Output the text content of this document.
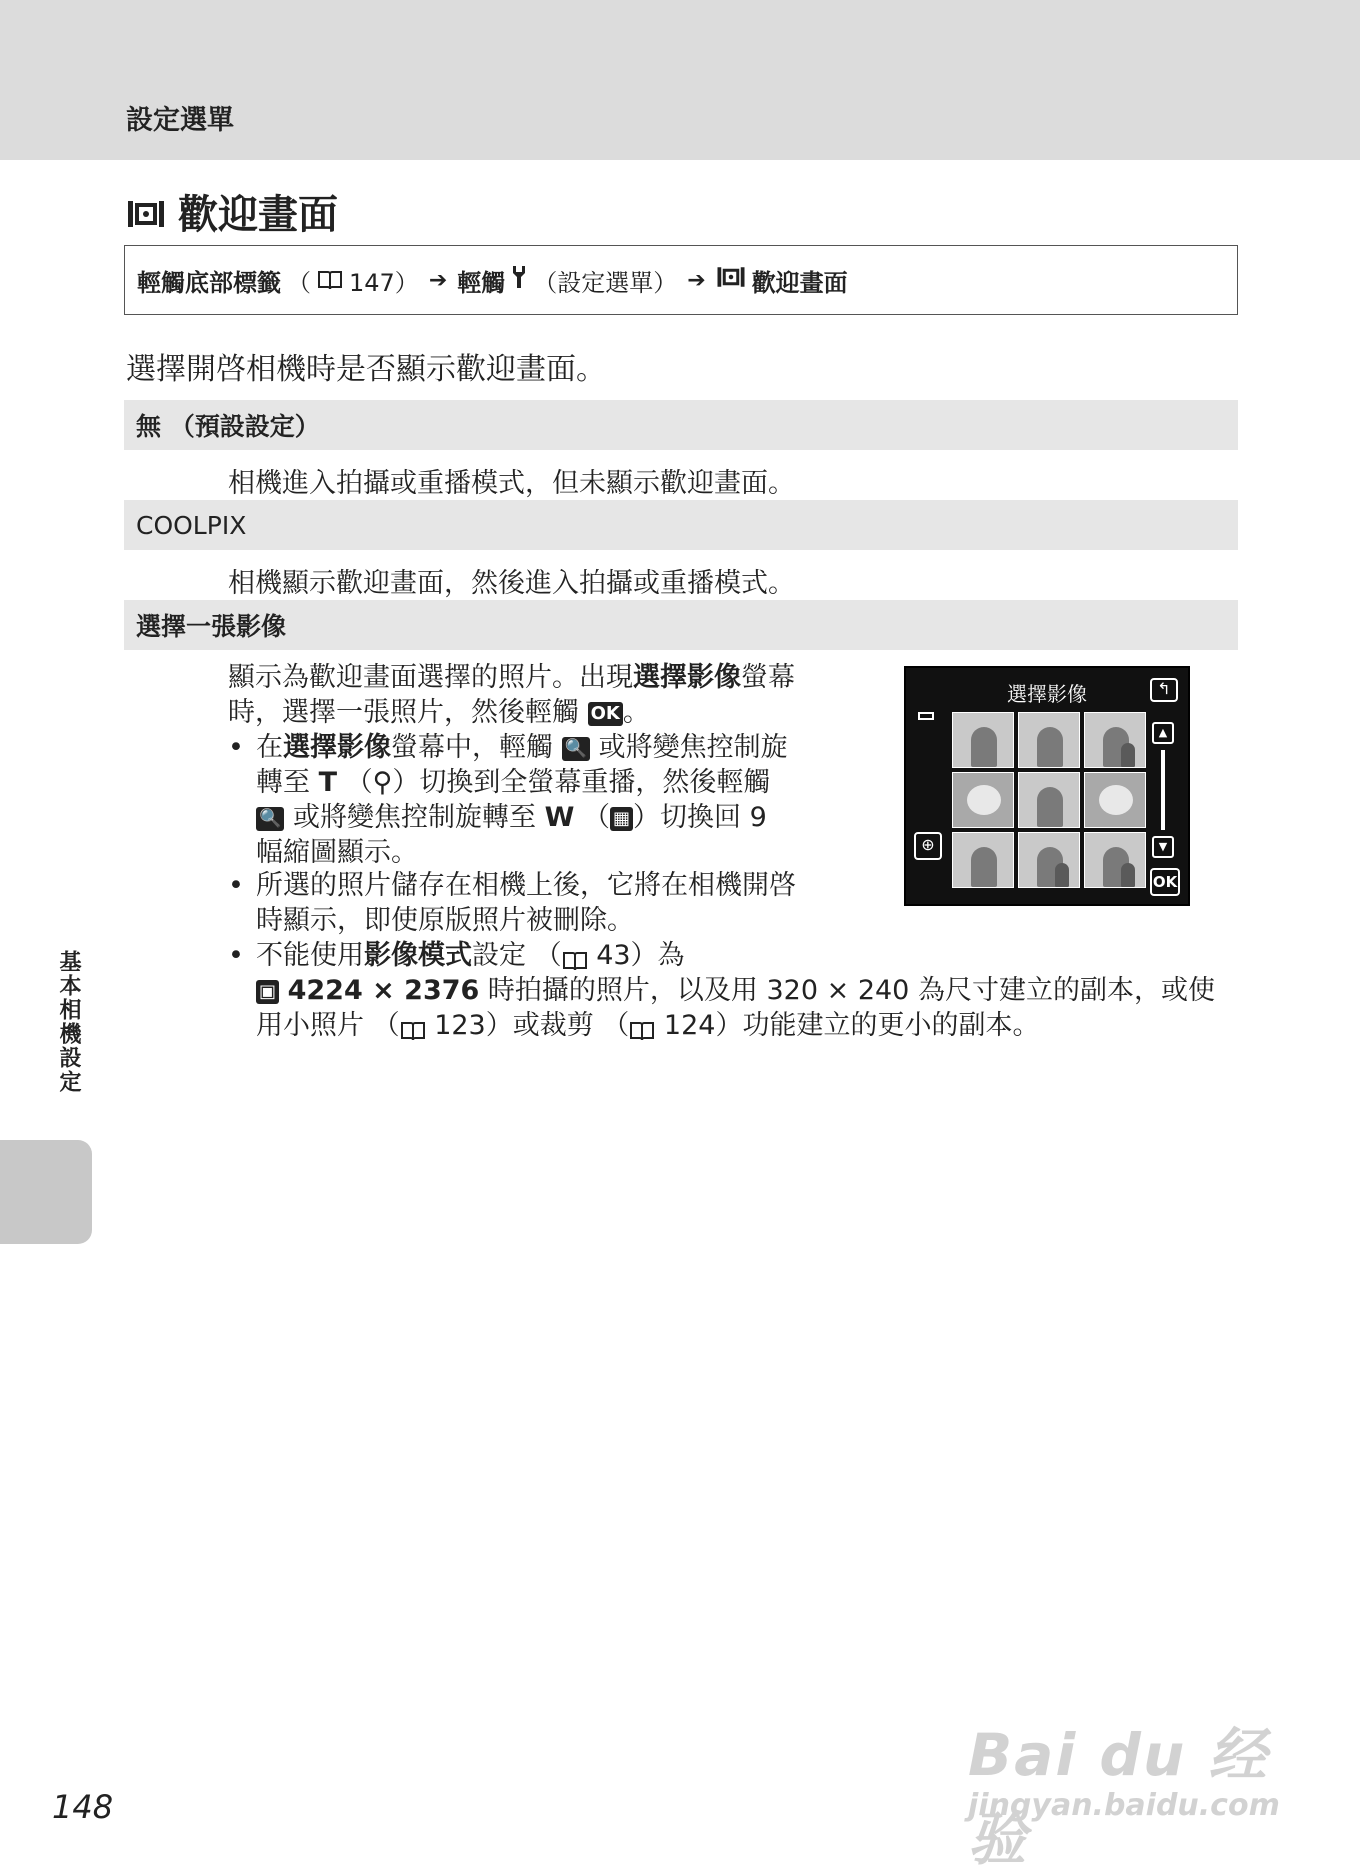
設定選單
歡迎畫面
輕觸底部標籤 （ 147） ➔ 輕觸 （設定選單） ➔ 歡迎畫面
選擇開啓相機時是否顯示歡迎畫面。
無 （預設設定）
相機進入拍攝或重播模式，但未顯示歡迎畫面。
COOLPIX
相機顯示歡迎畫面，然後進入拍攝或重播模式。
選擇一張影像
顯示為歡迎畫面選擇的照片。出現選擇影像螢幕
時，選擇一張照片，然後輕觸 OK 。
• 在選擇影像螢幕中，輕觸 🔍 或將變焦控制旋
轉至 T （⚲）切換到全螢幕重播，然後輕觸
🔍 或將變焦控制旋轉至 W （ ▦ ）切換回 9
幅縮圖顯示。
• 所選的照片儲存在相機上後，它將在相機開啓
時顯示，即使原版照片被刪除。
• 不能使用影像模式設定 （ 43）為
▣ 4224 × 2376 時拍攝的照片，以及用 320 × 240 為尺寸建立的副本，或使
用小照片 （ 123）或裁剪 （ 124）功能建立的更小的副本。
選擇影像	↰
▲
▼
⊕
OK
基本相機設定
148
Bai du 经验
jingyan.baidu.com
